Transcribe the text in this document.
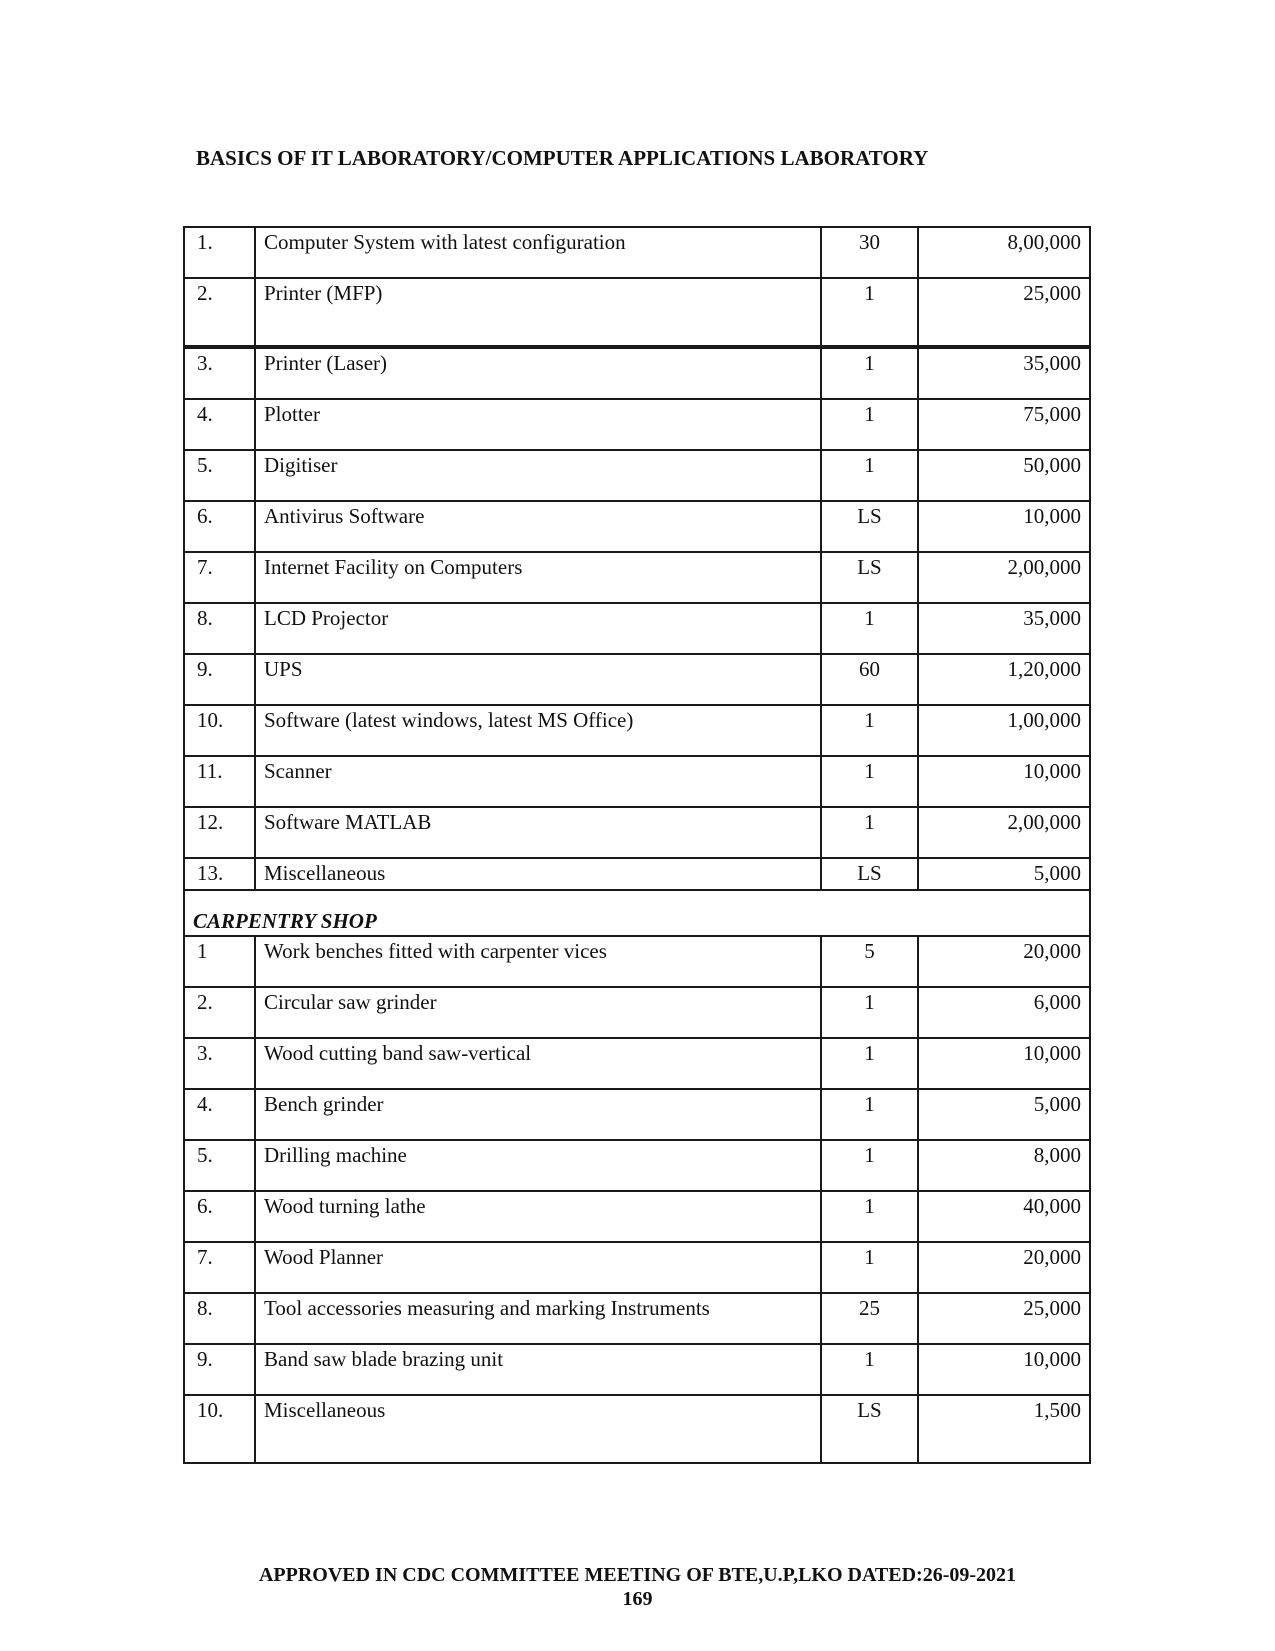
BASICS OF IT LABORATORY/COMPUTER APPLICATIONS LABORATORY
1.	Computer System with latest configuration	30	8,00,000
2.	Printer (MFP)	1	25,000
3.	Printer (Laser)	1	35,000
4.	Plotter	1	75,000
5.	Digitiser	1	50,000
6.	Antivirus Software	LS	10,000
7.	Internet Facility on Computers	LS	2,00,000
8.	LCD Projector	1	35,000
9.	UPS	60	1,20,000
10.	Software (latest windows, latest MS Office)	1	1,00,000
11.	Scanner	1	10,000
12.	Software MATLAB	1	2,00,000
13.	Miscellaneous	LS	5,000
CARPENTRY SHOP			
1	Work benches fitted with carpenter vices	5	20,000
2.	Circular saw grinder	1	6,000
3.	Wood cutting band saw-vertical	1	10,000
4.	Bench grinder	1	5,000
5.	Drilling machine	1	8,000
6.	Wood turning lathe	1	40,000
7.	Wood Planner	1	20,000
8.	Tool accessories measuring and marking Instruments	25	25,000
9.	Band saw blade brazing unit	1	10,000
10.	Miscellaneous	LS	1,500
APPROVED IN CDC COMMITTEE MEETING OF BTE,U.P,LKO DATED:26-09-2021
169
